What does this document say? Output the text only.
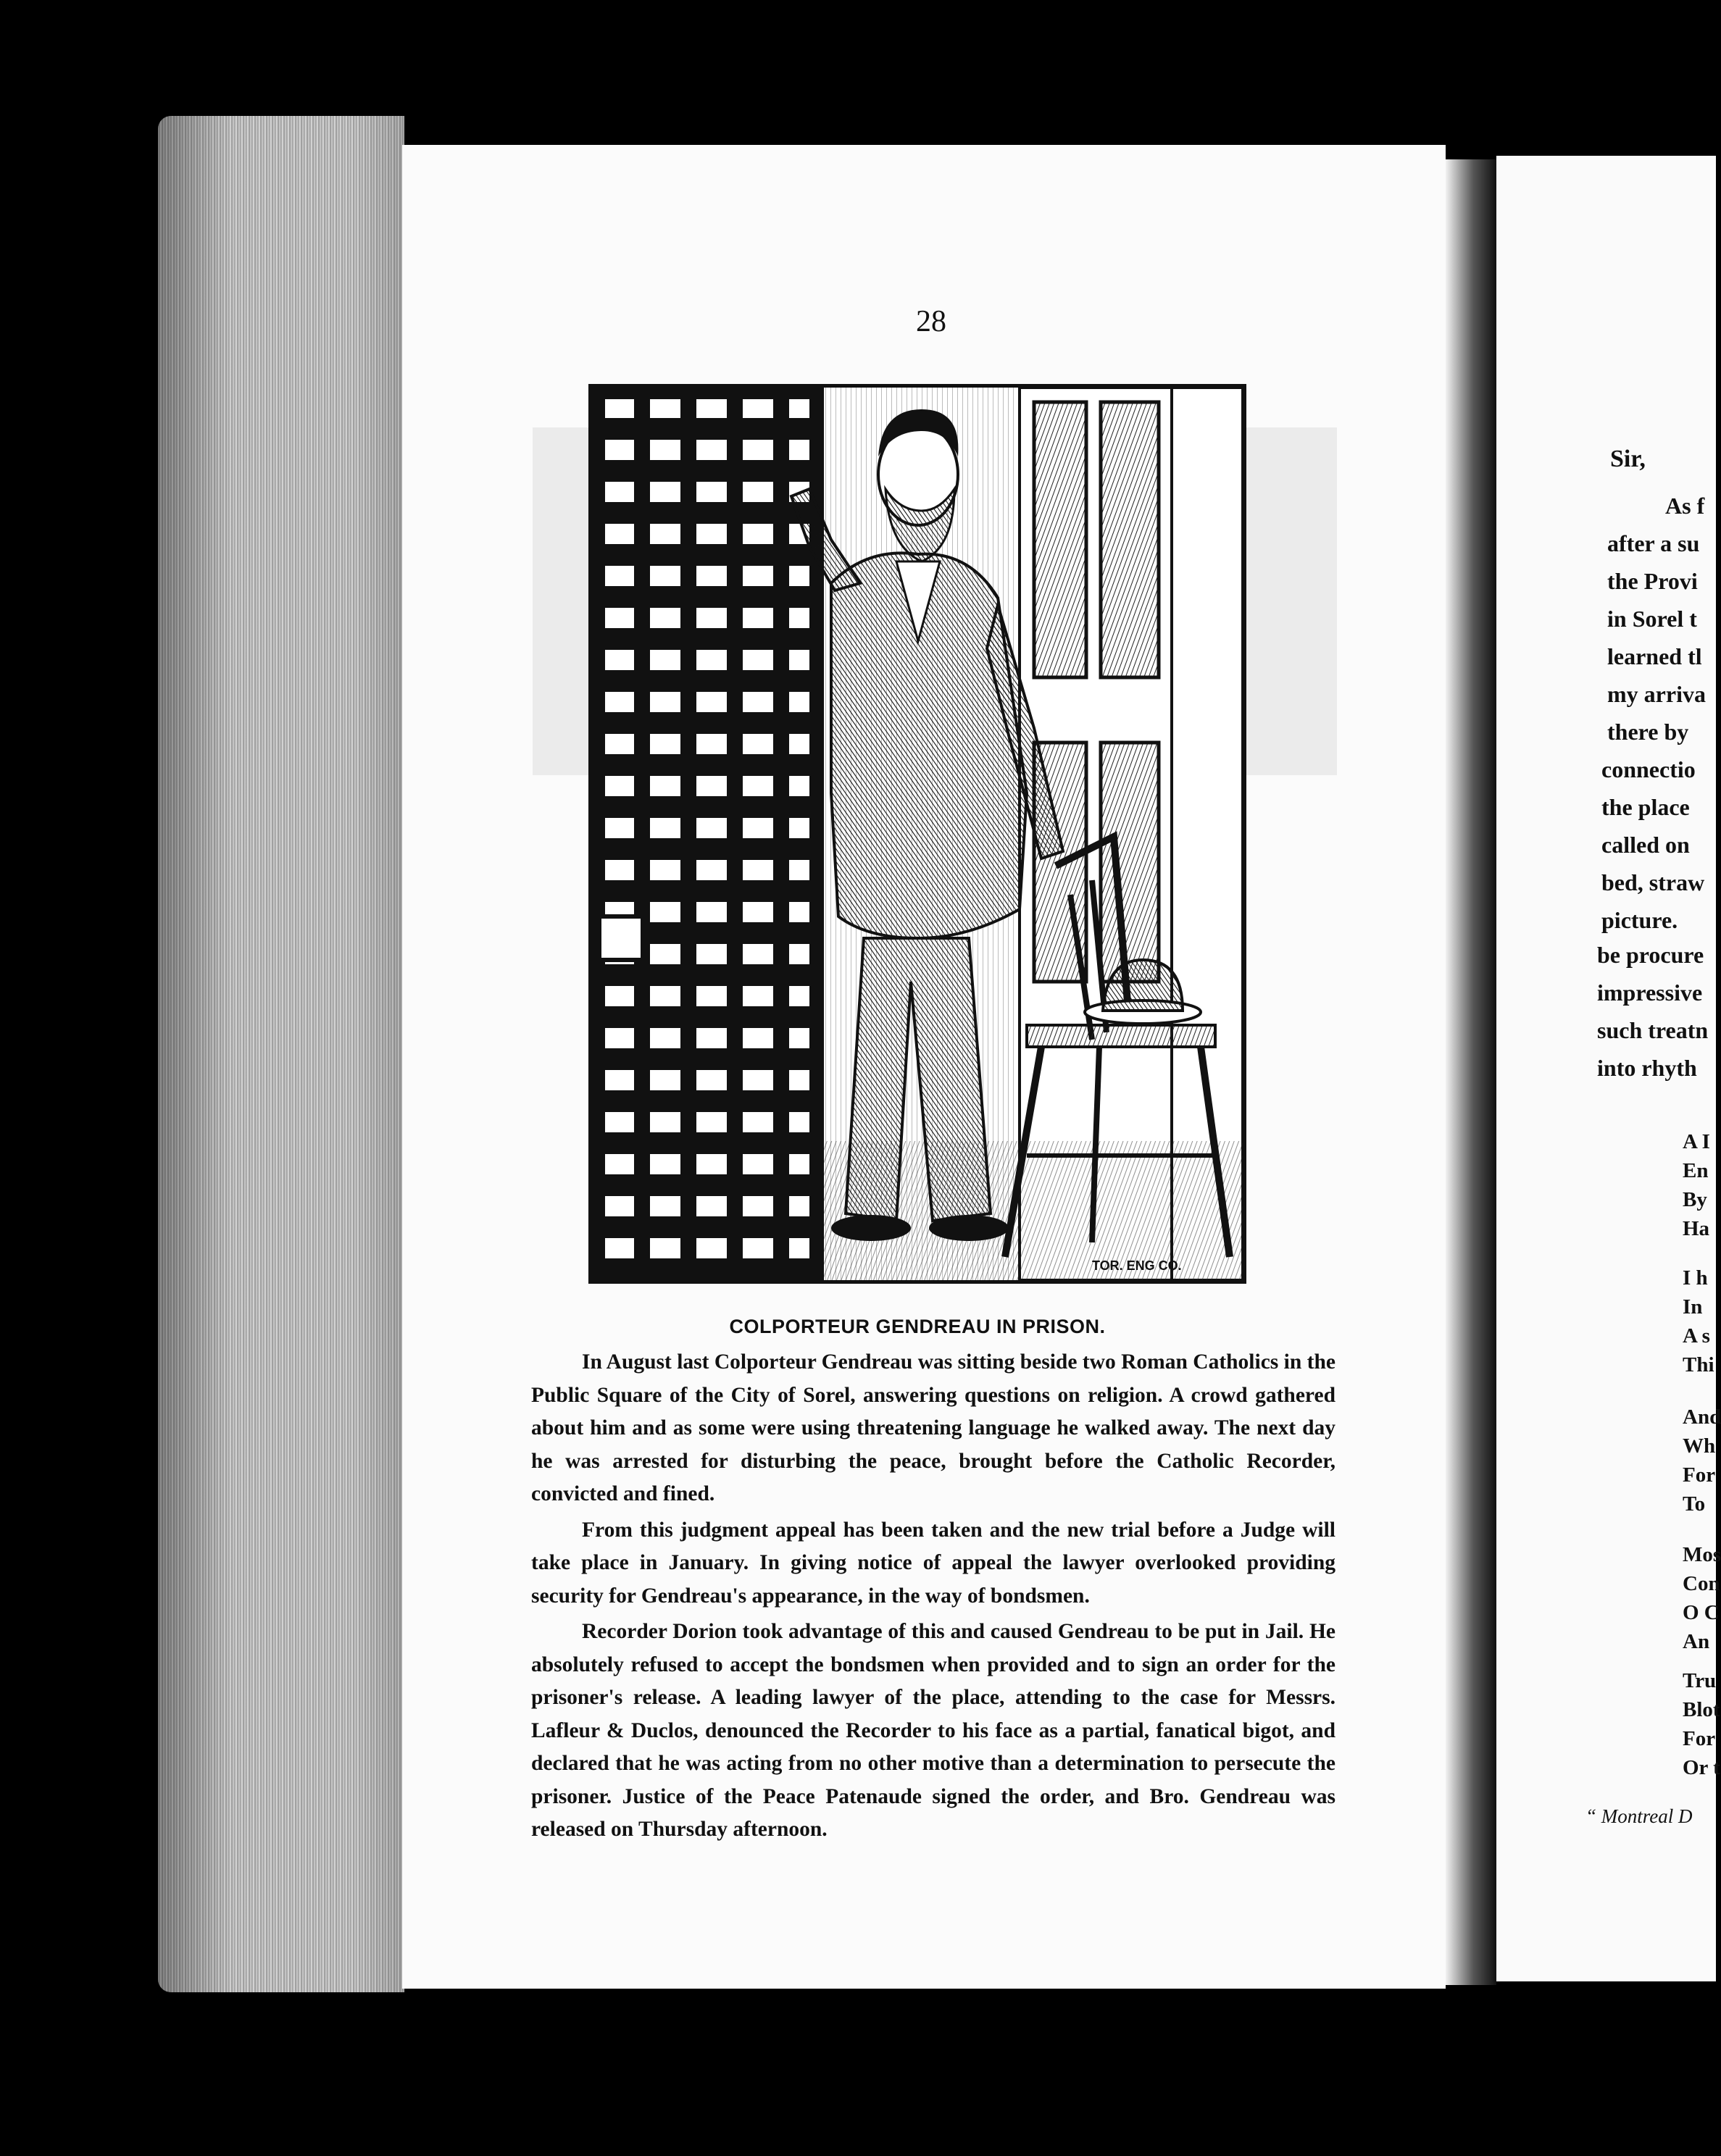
28
TOR. ENG CO.
COLPORTEUR GENDREAU IN PRISON.

In August last Colporteur Gendreau was sitting beside two Roman Catholics in the Public Square of the City of Sorel, answering questions on religion. A crowd gathered about him and as some were using threatening language he walked away. The next day he was arrested for disturbing the peace, brought before the Catholic Recorder, convicted and fined.

From this judgment appeal has been taken and the new trial before a Judge will take place in January. In giving notice of appeal the lawyer overlooked providing security for Gendreau's appearance, in the way of bondsmen.

Recorder Dorion took advantage of this and caused Gendreau to be put in Jail. He absolutely refused to accept the bondsmen when provided and to sign an order for the prisoner's release. A leading lawyer of the place, attending to the case for Messrs. Lafleur & Duclos, denounced the Recorder to his face as a partial, fanatical bigot, and declared that he was acting from no other motive than a determination to persecute the prisoner. Justice of the Peace Patenaude signed the order, and Bro. Gendreau was released on Thursday afternoon.

Sir,
As f
after a su
the Provi
in Sorel t
learned tl
my arriva
there by
connectio
the place
called on
bed, straw
picture.
be procure
impressive
such treatn
into rhyth
A I
En
By
Ha
I h
In
A s
Thi
And
Wh
For
To
Mos
Con
O C
An
Tru
Blot
For
Or t
“ Montreal D
